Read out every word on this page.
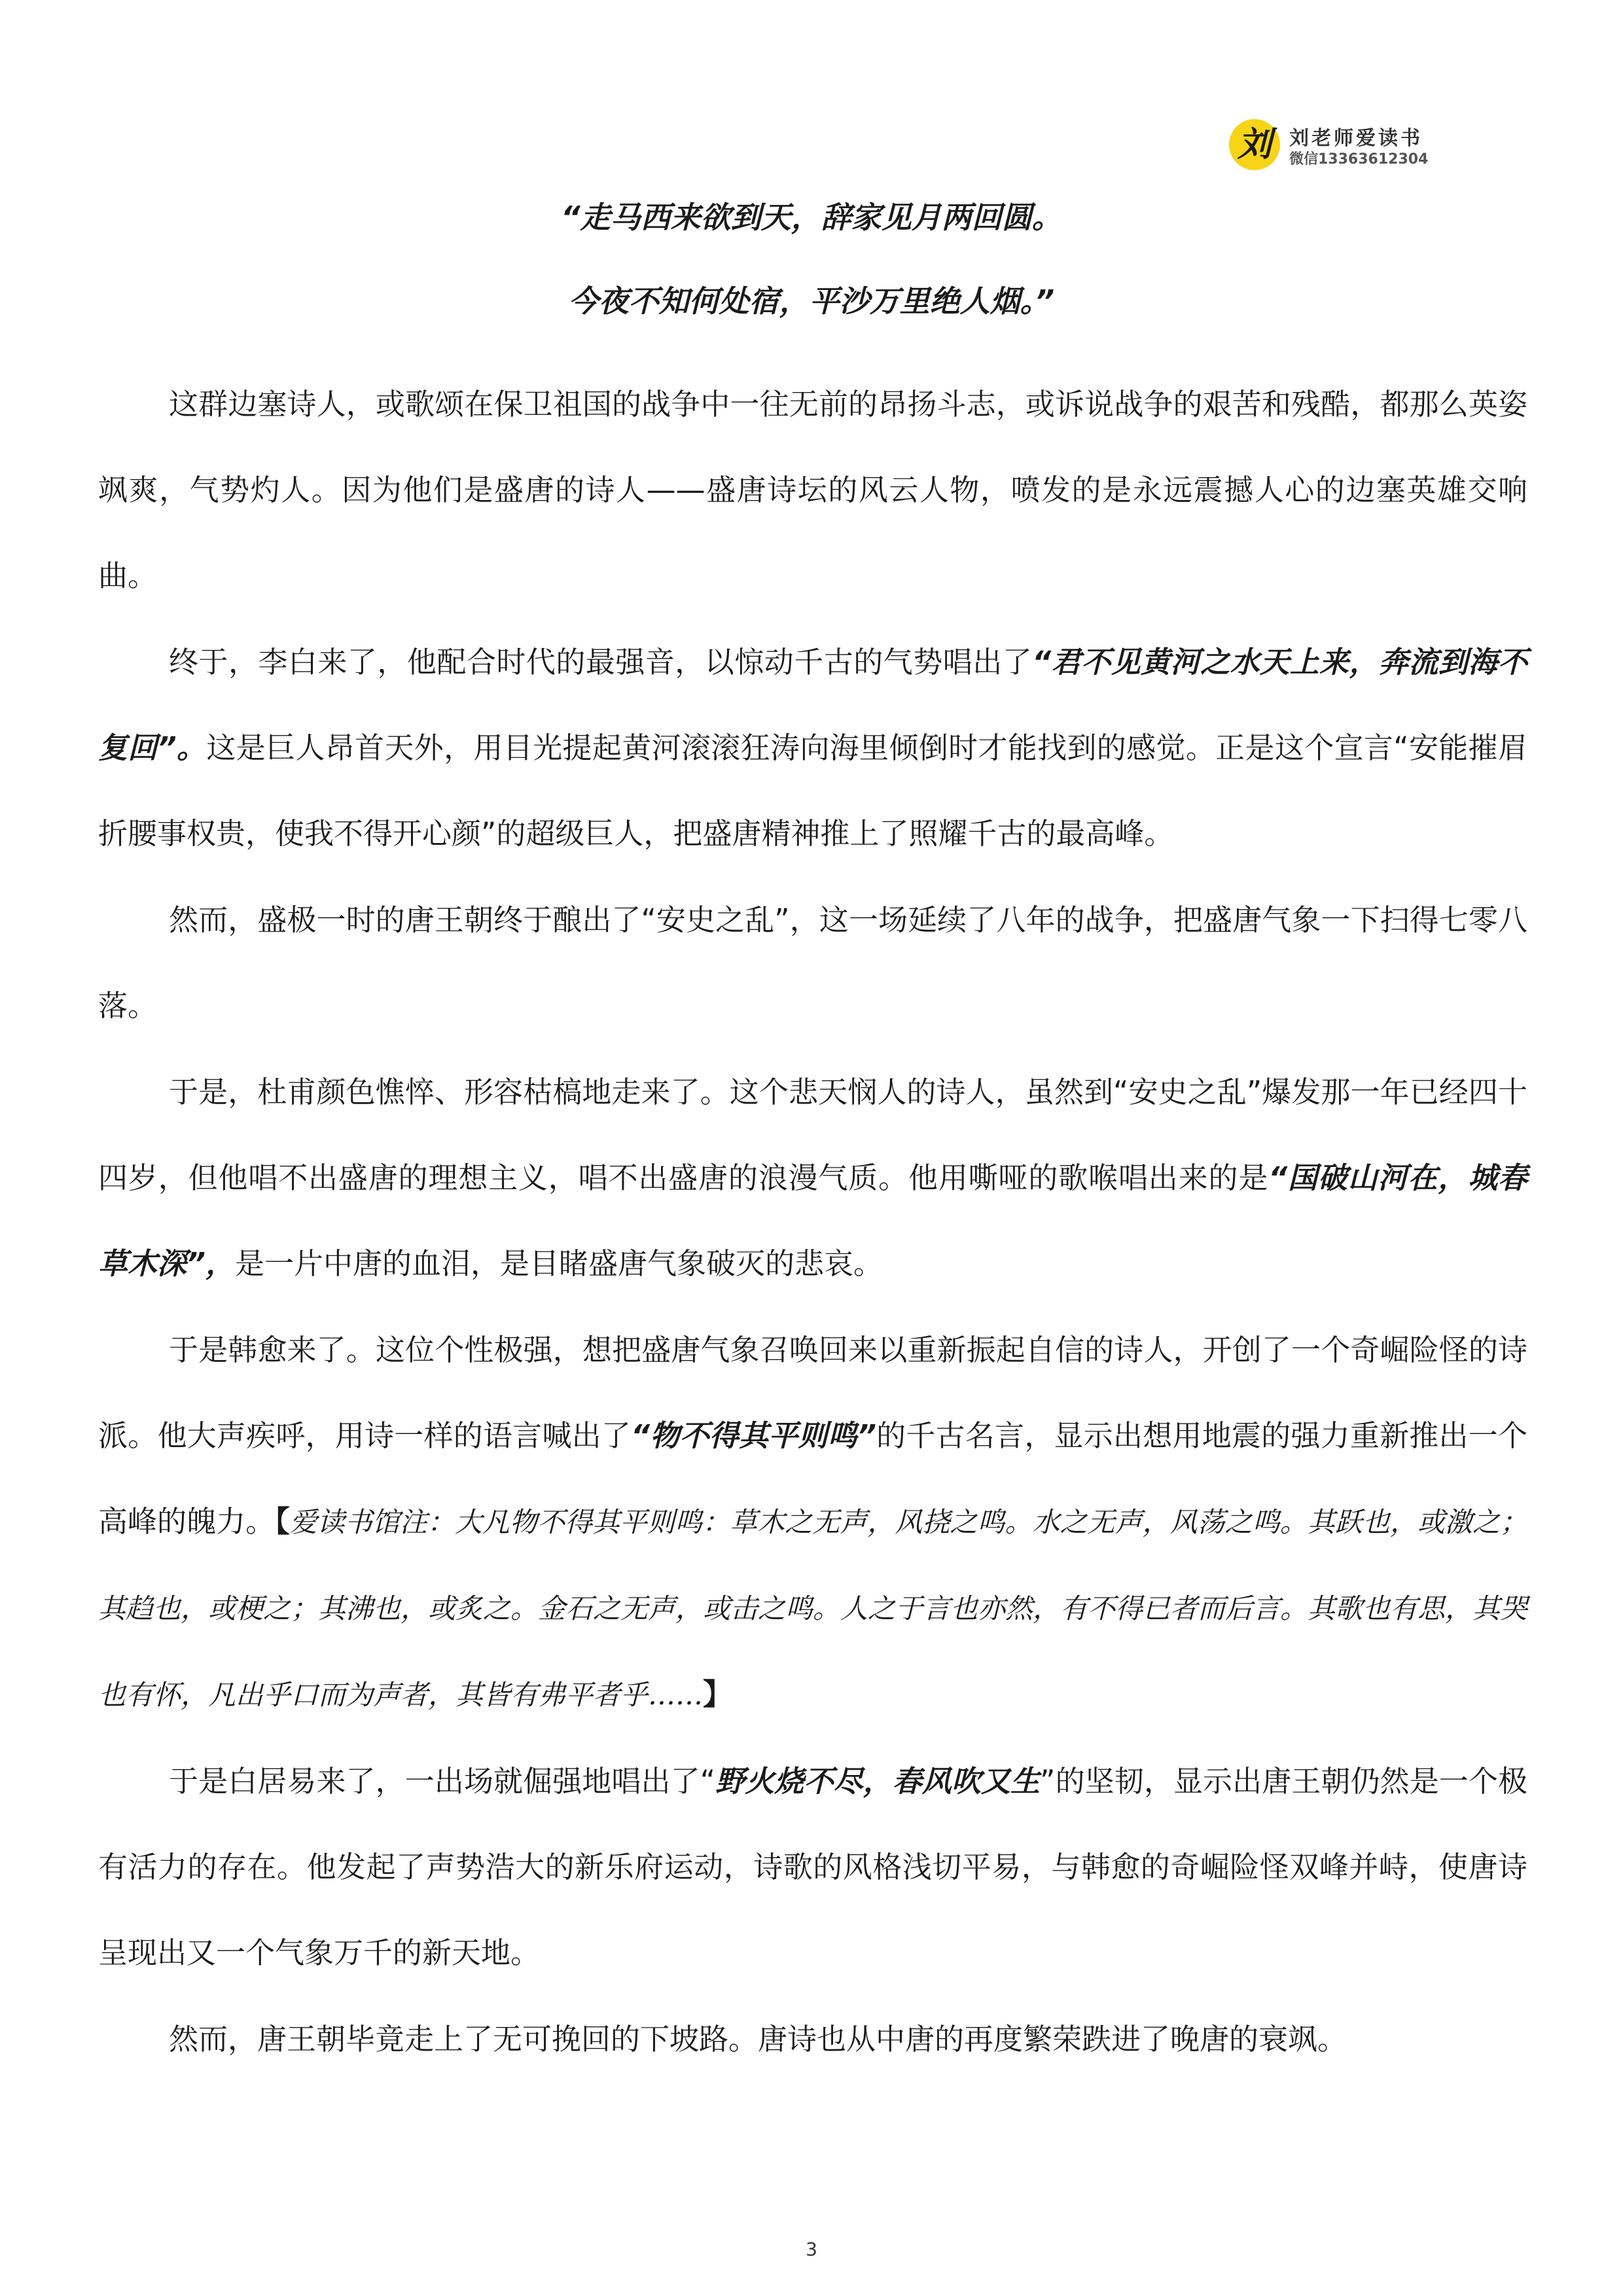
刘 刘老师爱读书
微信13363612304
“走马西来欲到天，辞家见月两回圆。
今夜不知何处宿，平沙万里绝人烟。”

这群边塞诗人，或歌颂在保卫祖国的战争中一往无前的昂扬斗志，或诉说战争的艰苦和残酷，都那么英姿飒爽，气势灼人。因为他们是盛唐的诗人——盛唐诗坛的风云人物，喷发的是永远震撼人心的边塞英雄交响曲。

终于，李白来了，他配合时代的最强音，以惊动千古的气势唱出了“君不见黄河之水天上来，奔流到海不复回”。这是巨人昂首天外，用目光提起黄河滚滚狂涛向海里倾倒时才能找到的感觉。正是这个宣言“安能摧眉折腰事权贵，使我不得开心颜”的超级巨人，把盛唐精神推上了照耀千古的最高峰。

然而，盛极一时的唐王朝终于酿出了“安史之乱”，这一场延续了八年的战争，把盛唐气象一下扫得七零八落。

于是，杜甫颜色憔悴、形容枯槁地走来了。这个悲天悯人的诗人，虽然到“安史之乱”爆发那一年已经四十四岁，但他唱不出盛唐的理想主义，唱不出盛唐的浪漫气质。他用嘶哑的歌喉唱出来的是“国破山河在，城春草木深”，是一片中唐的血泪，是目睹盛唐气象破灭的悲哀。

于是韩愈来了。这位个性极强，想把盛唐气象召唤回来以重新振起自信的诗人，开创了一个奇崛险怪的诗派。他大声疾呼，用诗一样的语言喊出了“物不得其平则鸣”的千古名言，显示出想用地震的强力重新推出一个高峰的魄力。【爱读书馆注：大凡物不得其平则鸣：草木之无声，风挠之鸣。水之无声，风荡之鸣。其跃也，或激之；其趋也，或梗之；其沸也，或炙之。金石之无声，或击之鸣。人之于言也亦然，有不得已者而后言。其歌也有思，其哭也有怀，凡出乎口而为声者，其皆有弗平者乎……】

于是白居易来了，一出场就倔强地唱出了“野火烧不尽，春风吹又生”的坚韧，显示出唐王朝仍然是一个极有活力的存在。他发起了声势浩大的新乐府运动，诗歌的风格浅切平易，与韩愈的奇崛险怪双峰并峙，使唐诗呈现出又一个气象万千的新天地。

然而，唐王朝毕竟走上了无可挽回的下坡路。唐诗也从中唐的再度繁荣跌进了晚唐的衰飒。

3
